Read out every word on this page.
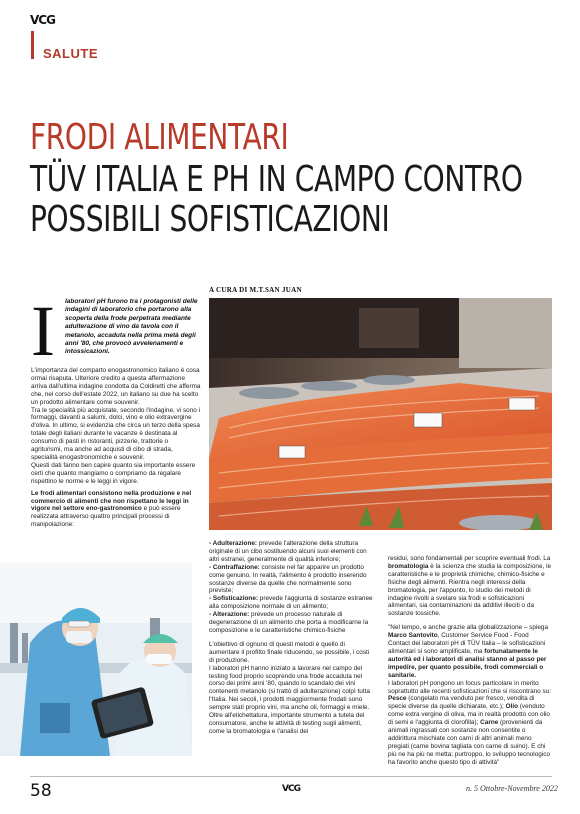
VCG
SALUTE
FRODI ALIMENTARI
TÜV ITALIA E PH IN CAMPO CONTRO
POSSIBILI SOFISTICAZIONI
A CURA DI M.T.SAN JUAN
I laboratori pH furono tra i protagonisti delle indagini di laboratorio che portarono alla scoperta della frode perpetrata mediante adulterazione di vino da tavola con il metanolo, accaduta nella prima metà degli anni '80, che provocò avvelenamenti e intossicazioni.

L'importanza del comparto enogastronomico italiano è cosa ormai risaputa. Ulteriore credito a questa affermazione arriva dall'ultima indagine condotta da Coldiretti che afferma che, nel corso dell'estate 2022, un italiano su due ha scelto un prodotto alimentare come souvenir.

Tra le specialità più acquistate, secondo l'indagine, vi sono i formaggi, davanti a salumi, dolci, vino e olio extravergine d'oliva. In ultimo, si evidenzia che circa un terzo della spesa totale degli italiani durante le vacanze è destinata al consumo di pasti in ristoranti, pizzerie, trattorie o agriturismi, ma anche ad acquisti di cibo di strada, specialità enogastronomiche e souvenir.

Questi dati fanno ben capire quanto sia importante essere certi che quanto mangiamo o compriamo da regalare rispettino le norme e le leggi in vigore.

Le frodi alimentari consistono nella produzione e nel commercio di alimenti che non rispettano le leggi in vigore nel settore eno-gastronomico e può essere realizzata attraverso quattro principali processi di manipolazione:

- Adulterazione: prevede l'alterazione della struttura originale di un cibo sostituendo alcuni suoi elementi con altri estranei, generalmente di qualità inferiore;

- Contraffazione: consiste nel far apparire un prodotto come genuino. In realtà, l'alimento è prodotto inserendo sostanze diverse da quelle che normalmente sono previste;

- Sofisticazione: prevede l'aggiunta di sostanze estranee alla composizione normale di un alimento;

- Alterazione: prevede un processo naturale di degenerazione di un alimento che porta a modificarne la composizione e le caratteristiche chimico-fisiche

L'obiettivo di ognuno di questi metodi è quello di aumentare il profitto finale riducendo, se possibile, i costi di produzione.

I laboratori pH hanno iniziato a lavorare nel campo del testing food proprio scoprendo una frode accaduta nel corso dei primi anni '80, quando lo scandalo dei vini contenenti metanolo (si trattò di adulterazione) colpì tutta l'Italia. Nei secoli, i prodotti maggiormente frodati sono sempre stati proprio vini, ma anche oli, formaggi e miele.

Oltre all'etichettatura, importante strumento a tutela del consumatore, anche le attività di testing sugli alimenti, come la bromatologia e l'analisi dei

residui, sono fondamentali per scoprire eventuali frodi. La bromatologia è la scienza che studia la composizione, le caratteristiche e le proprietà chimiche, chimico-fisiche e fisiche degli alimenti. Rientra negli interessi della bromatologia, per l'appunto, lo studio dei metodi di indagine rivolti a svelare sia frodi e sofisticazioni alimentari, sia contaminazioni da additivi illeciti o da sostanze tossiche.

"Nel tempo, e anche grazie alla globalizzazione – spiega Marco Santovito, Customer Service Food - Food Contact dei laboratori pH di TÜV Italia – le sofisticazioni alimentari si sono amplificate, ma fortunatamente le autorità ed i laboratori di analisi stanno al passo per impedire, per quanto possibile, frodi commerciali o sanitarie.

I laboratori pH pongono un focus particolare in merito soprattutto alle recenti sofisticazioni che si riscontrano su: Pesce (congelato ma venduto per fresco, vendita di specie diverse da quelle dichiarate, etc.); Olio (venduto come extra vergine di oliva, ma in realtà prodotto con olio di semi e l'aggiunta di clorofilla); Carne (provenienti da animali ingrassati con sostanze non consentite o addirittura mischiate con carni di altri animali meno pregiati (carne bovina tagliata con carne di suino). E chi più ne ha più ne metta; purtroppo, lo sviluppo tecnologico ha favorito anche questo tipo di attività"

58	VCG	n. 5 Ottobre-Novembre 2022
